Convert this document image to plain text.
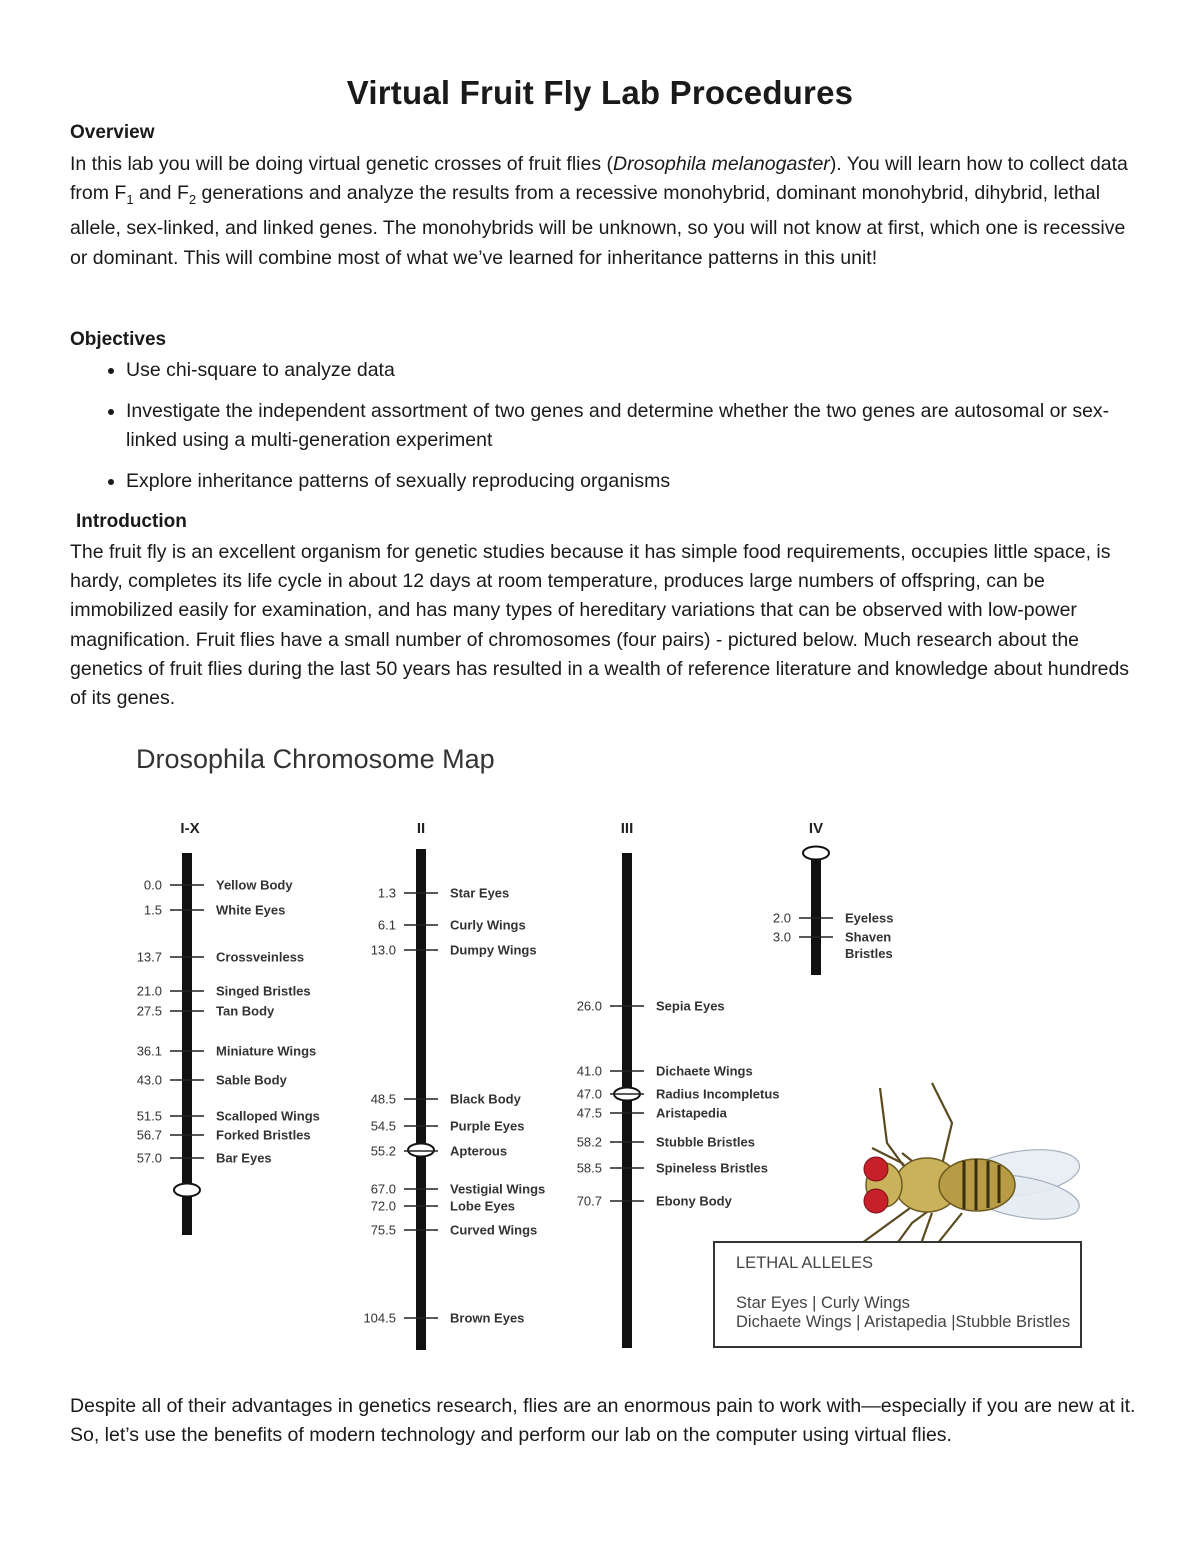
Virtual Fruit Fly Lab Procedures
Overview

In this lab you will be doing virtual genetic crosses of fruit flies (Drosophila melanogaster). You will learn how to collect data from $F_1$ and $F_2$ generations and analyze the results from a recessive monohybrid, dominant monohybrid, dihybrid, lethal allele, sex-linked, and linked genes. The monohybrids will be unknown, so you will not know at first, which one is recessive or dominant. This will combine most of what we’ve learned for inheritance patterns in this unit!

Objectives
• Use chi-square to analyze data
• Investigate the independent assortment of two genes and determine whether the two genes are autosomal or sex-linked using a multi-generation experiment
• Explore inheritance patterns of sexually reproducing organisms
Introduction

The fruit fly is an excellent organism for genetic studies because it has simple food requirements, occupies little space, is hardy, completes its life cycle in about 12 days at room temperature, produces large numbers of offspring, can be immobilized easily for examination, and has many types of hereditary variations that can be observed with low-power magnification. Fruit flies have a small number of chromosomes (four pairs) - pictured below. Much research about the genetics of fruit flies during the last 50 years has resulted in a wealth of reference literature and knowledge about hundreds of its genes.

Drosophila Chromosome Map
I-X
0.0	Yellow Body
1.5	White Eyes
13.7	Crossveinless
21.0	Singed Bristles
27.5	Tan Body
36.1	Miniature Wings
43.0	Sable Body
51.5	Scalloped Wings
56.7	Forked Bristles
57.0	Bar Eyes
II
1.3	Star Eyes
6.1	Curly Wings
13.0	Dumpy Wings
48.5	Black Body
54.5	Purple Eyes
55.2	Apterous
67.0	Vestigial Wings
72.0	Lobe Eyes
75.5	Curved Wings
104.5	Brown Eyes
III
26.0	Sepia Eyes
41.0	Dichaete Wings
47.0	Radius Incompletus
47.5	Aristapedia
58.2	Stubble Bristles
58.5	Spineless Bristles
70.7	Ebony Body
IV
2.0	Eyeless
3.0	Shaven
Bristles
LETHAL ALLELES
Star Eyes | Curly Wings
Dichaete Wings | Aristapedia |Stubble Bristles

Despite all of their advantages in genetics research, flies are an enormous pain to work with—especially if you are new at it. So, let’s use the benefits of modern technology and perform our lab on the computer using virtual flies.
